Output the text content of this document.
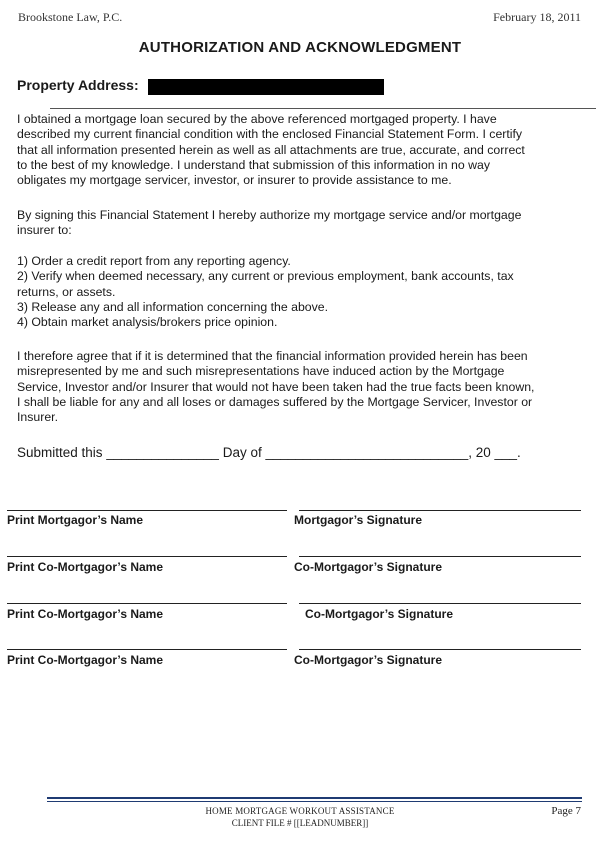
Brookstone Law, P.C.	February 18, 2011
AUTHORIZATION AND ACKNOWLEDGMENT
Property Address:
I obtained a mortgage loan secured by the above referenced mortgaged property. I have
described my current financial condition with the enclosed Financial Statement Form. I certify
that all information presented herein as well as all attachments are true, accurate, and correct
to the best of my knowledge. I understand that submission of this information in no way
obligates my mortgage servicer, investor, or insurer to provide assistance to me.
By signing this Financial Statement I hereby authorize my mortgage service and/or mortgage
insurer to:
1) Order a credit report from any reporting agency.
2) Verify when deemed necessary, any current or previous employment, bank accounts, tax
returns, or assets.
3) Release any and all information concerning the above.
4) Obtain market analysis/brokers price opinion.
I therefore agree that if it is determined that the financial information provided herein has been
misrepresented by me and such misrepresentations have induced action by the Mortgage
Service, Investor and/or Insurer that would not have been taken had the true facts been known,
I shall be liable for any and all loses or damages suffered by the Mortgage Servicer, Investor or
Insurer.
Submitted this _______________ Day of ___________________________, 20 ___.
Print Mortgagor’s Name	Mortgagor’s Signature
Print Co-Mortgagor’s Name	Co-Mortgagor’s Signature
Print Co-Mortgagor’s Name	Co-Mortgagor’s Signature
Print Co-Mortgagor’s Name	Co-Mortgagor’s Signature
HOME MORTGAGE WORKOUT ASSISTANCE
CLIENT FILE # [[LEADNUMBER]]
Page 7
